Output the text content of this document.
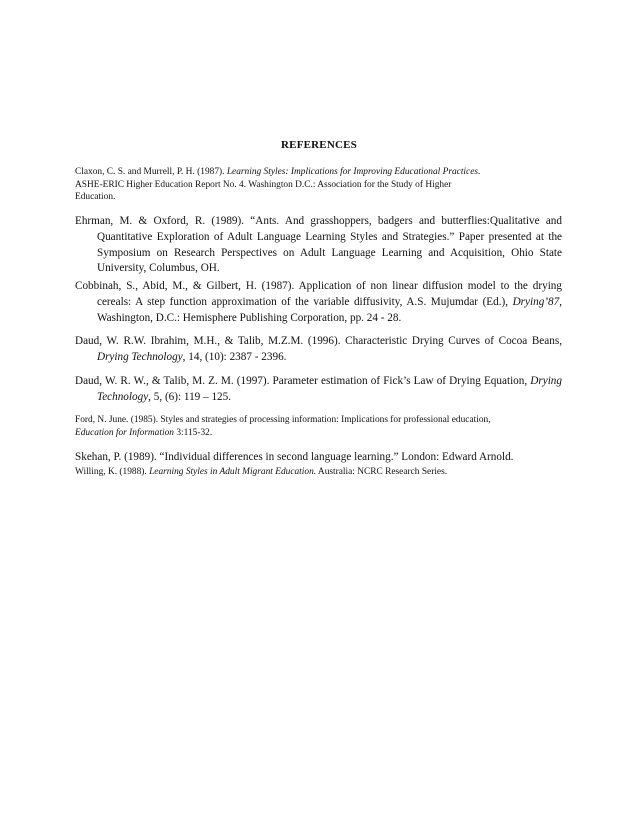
REFERENCES

Claxon, C. S. and Murrell, P. H. (1987). Learning Styles: Implications for Improving Educational Practices.
ASHE-ERIC Higher Education Report No. 4. Washington D.C.: Association for the Study of Higher
Education.

Ehrman, M. & Oxford, R. (1989). “Ants. And grasshoppers, badgers and butterflies:Qualitative and Quantitative Exploration of Adult Language Learning Styles and Strategies.” Paper presented at the Symposium on Research Perspectives on Adult Language Learning and Acquisition, Ohio State University, Columbus, OH.

Cobbinah, S., Abid, M., & Gilbert, H. (1987). Application of non linear diffusion model to the drying cereals: A step function approximation of the variable diffusivity, A.S. Mujumdar (Ed.), Drying’87, Washington, D.C.: Hemisphere Publishing Corporation, pp. 24 - 28.

Daud, W. R.W. Ibrahim, M.H., & Talib, M.Z.M. (1996). Characteristic Drying Curves of Cocoa Beans, Drying Technology, 14, (10): 2387 - 2396.

Daud, W. R. W., & Talib, M. Z. M. (1997). Parameter estimation of Fick’s Law of Drying Equation, Drying Technology, 5, (6): 119 – 125.

Ford, N. June. (1985). Styles and strategies of processing information: Implications for professional education,
Education for Information 3:115-32.

Skehan, P. (1989). “Individual differences in second language learning.” London: Edward Arnold.

Willing, K. (1988). Learning Styles in Adult Migrant Education. Australia: NCRC Research Series.
